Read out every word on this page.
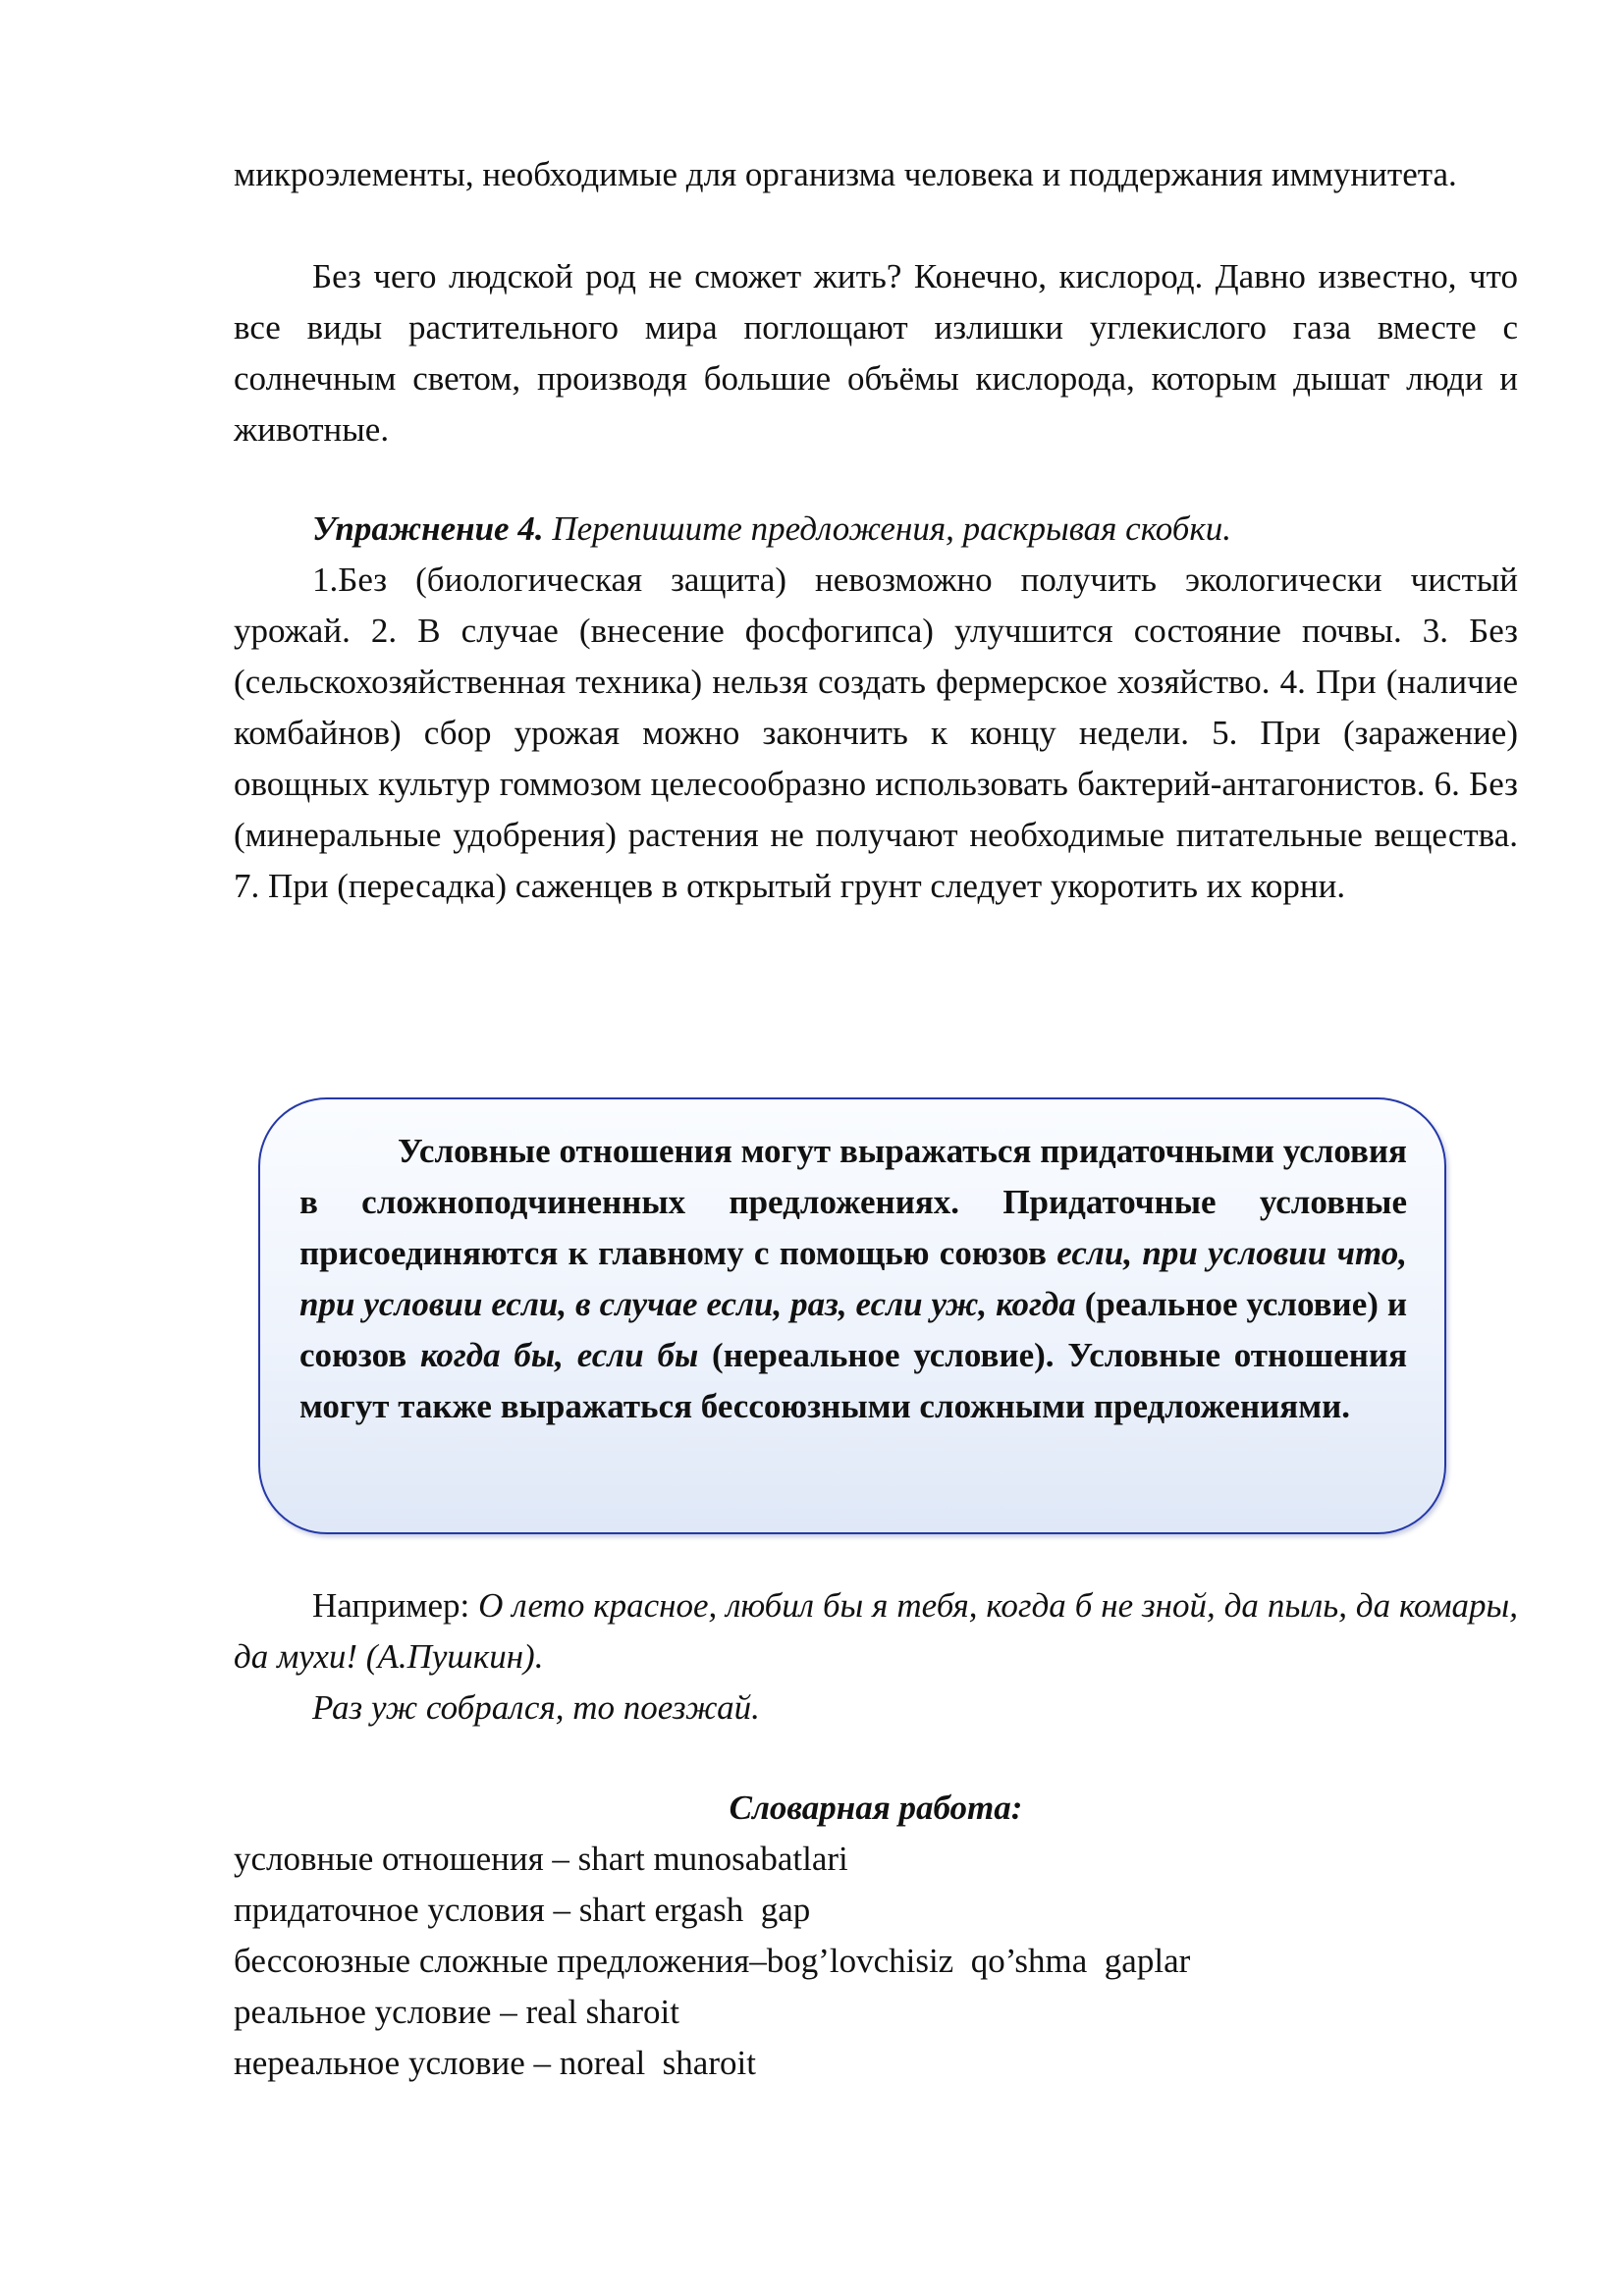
микроэлементы, необходимые для организма человека и поддержания иммунитета.

Без чего людской род не сможет жить? Конечно, кислород. Давно известно, что все виды растительного мира поглощают излишки углекислого газа вместе с солнечным светом, производя большие объёмы кислорода, которым дышат люди и животные.

Упражнение 4. Перепишите предложения, раскрывая скобки.

1.Без (биологическая защита) невозможно получить экологически чистый урожай. 2. В случае (внесение фосфогипса) улучшится состояние почвы. 3. Без (сельскохозяйственная техника) нельзя создать фермерское хозяйство. 4. При (наличие комбайнов) сбор урожая можно закончить к концу недели. 5. При (заражение) овощных культур гоммозом целесообразно использовать бактерий-антагонистов. 6. Без (минеральные удобрения) растения не получают необходимые питательные вещества. 7. При (пересадка) саженцев в открытый грунт следует укоротить их корни.

Условные отношения могут выражаться придаточными условия в сложноподчиненных предложениях. Придаточные условные присоединяются к главному с помощью союзов если, при условии что, при условии если, в случае если, раз, если уж, когда (реальное условие) и союзов когда бы, если бы (нереальное условие). Условные отношения могут также выражаться бессоюзными сложными предложениями.

Например: О лето красное, любил бы я тебя, когда б не зной, да пыль, да комары, да мухи! (А.Пушкин).

Раз уж собрался, то поезжай.

Словарная работа:
условные отношения – shart munosabatlari
придаточное условия – shart ergash  gap
бессоюзные сложные предложения–bog’lovchisiz  qo’shma  gaplar
реальное условие – real sharoit
нереальное условие – noreal  sharoit
